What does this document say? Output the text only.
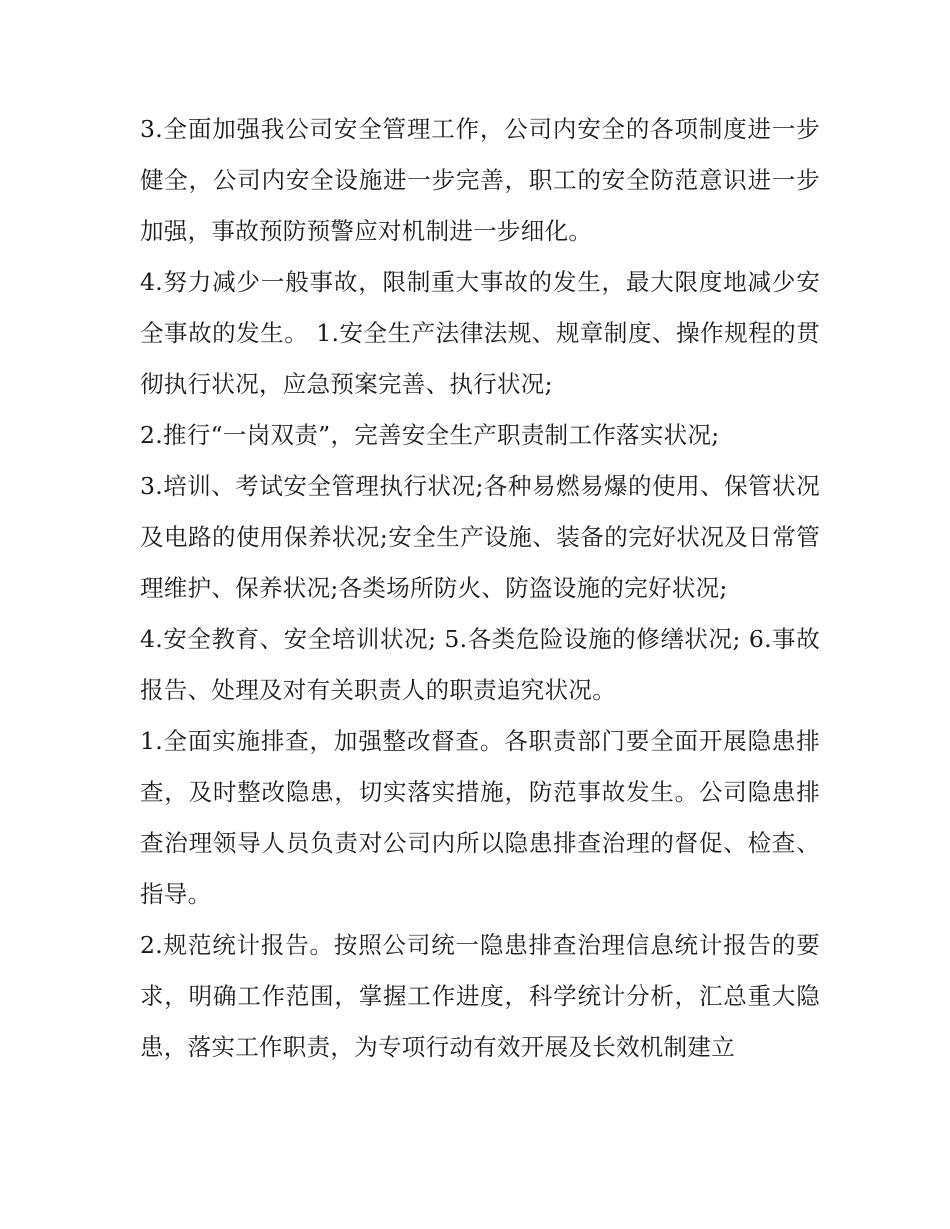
3.全面加强我公司安全管理工作，公司内安全的各项制度进一步健全，公司内安全设施进一步完善，职工的安全防范意识进一步加强，事故预防预警应对机制进一步细化。

4.努力减少一般事故，限制重大事故的发生，最大限度地减少安全事故的发生。 1.安全生产法律法规、规章制度、操作规程的贯彻执行状况，应急预案完善、执行状况;

2.推行“一岗双责”，完善安全生产职责制工作落实状况;

3.培训、考试安全管理执行状况;各种易燃易爆的使用、保管状况及电路的使用保养状况;安全生产设施、装备的完好状况及日常管理维护、保养状况;各类场所防火、防盗设施的完好状况;

4.安全教育、安全培训状况; 5.各类危险设施的修缮状况; 6.事故报告、处理及对有关职责人的职责追究状况。

1.全面实施排查，加强整改督查。各职责部门要全面开展隐患排查，及时整改隐患，切实落实措施，防范事故发生。公司隐患排查治理领导人员负责对公司内所以隐患排查治理的督促、检查、指导。

2.规范统计报告。按照公司统一隐患排查治理信息统计报告的要求，明确工作范围，掌握工作进度，科学统计分析，汇总重大隐患，落实工作职责，为专项行动有效开展及长效机制建立
